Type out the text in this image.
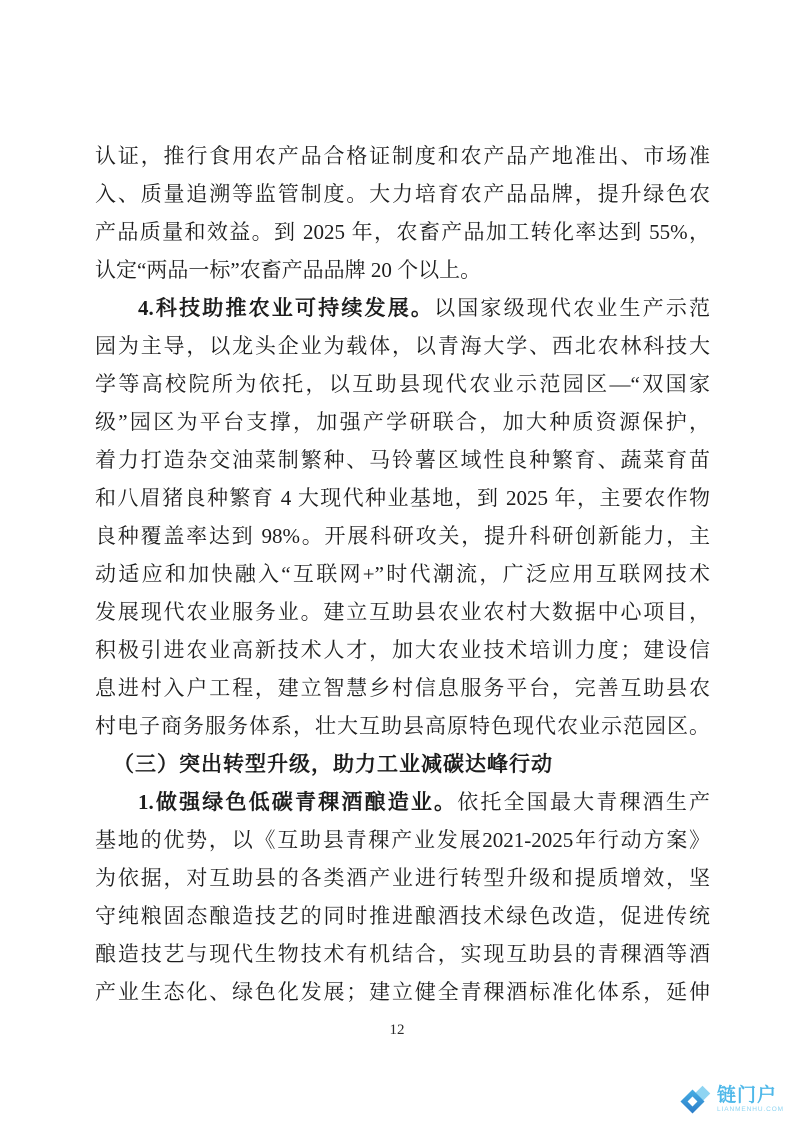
认证，推行食用农产品合格证制度和农产品产地准出、市场准
入、质量追溯等监管制度。大力培育农产品品牌，提升绿色农
产品质量和效益。到 2025 年，农畜产品加工转化率达到 55%，
认定“两品一标”农畜产品品牌 20 个以上。
4.科技助推农业可持续发展。以国家级现代农业生产示范
园为主导，以龙头企业为载体，以青海大学、西北农林科技大
学等高校院所为依托，以互助县现代农业示范园区—“双国家
级”园区为平台支撑，加强产学研联合，加大种质资源保护，
着力打造杂交油菜制繁种、马铃薯区域性良种繁育、蔬菜育苗
和八眉猪良种繁育 4 大现代种业基地，到 2025 年，主要农作物
良种覆盖率达到 98%。开展科研攻关，提升科研创新能力，主
动适应和加快融入“互联网+”时代潮流，广泛应用互联网技术
发展现代农业服务业。建立互助县农业农村大数据中心项目，
积极引进农业高新技术人才，加大农业技术培训力度；建设信
息进村入户工程，建立智慧乡村信息服务平台，完善互助县农
村电子商务服务体系，壮大互助县高原特色现代农业示范园区。
（三）突出转型升级，助力工业减碳达峰行动
1.做强绿色低碳青稞酒酿造业。依托全国最大青稞酒生产
基地的优势，以《互助县青稞产业发展2021-2025年行动方案》
为依据，对互助县的各类酒产业进行转型升级和提质增效，坚
守纯粮固态酿造技艺的同时推进酿酒技术绿色改造，促进传统
酿造技艺与现代生物技术有机结合，实现互助县的青稞酒等酒
产业生态化、绿色化发展；建立健全青稞酒标准化体系，延伸
12
链门户
LIANMENHU.COM
